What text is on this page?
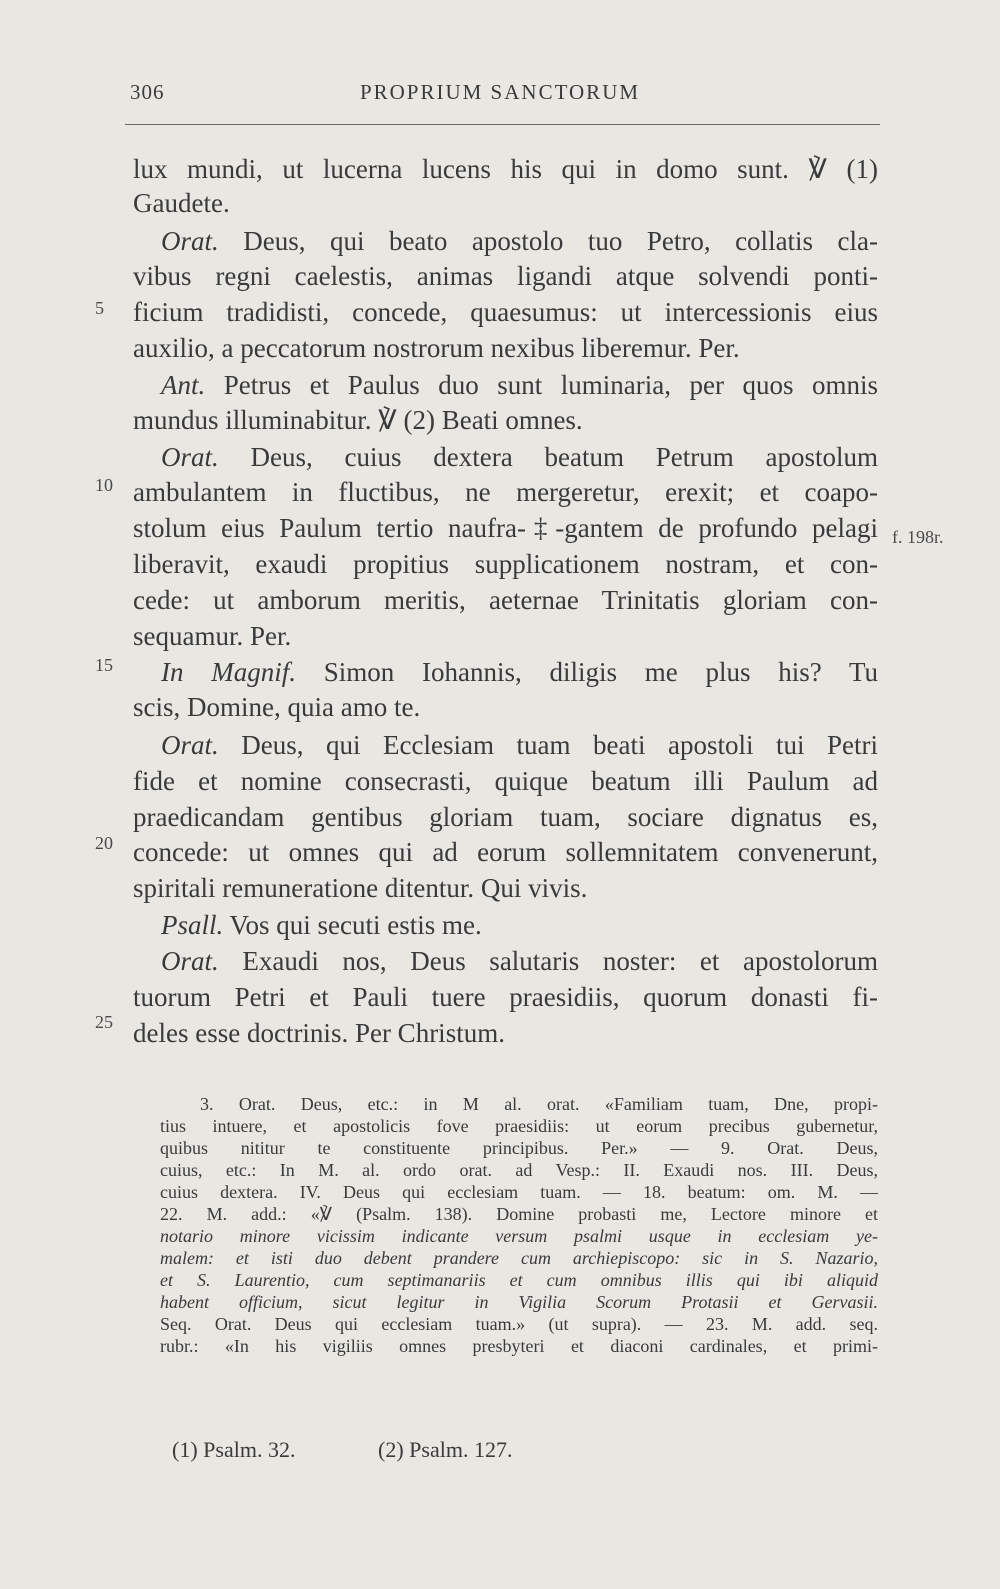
306	PROPRIUM SANCTORUM
5
10
15
20
25
f. 198r.
lux mundi, ut lucerna lucens his qui in domo sunt. ℣ (1)
Gaudete.
Orat. Deus, qui beato apostolo tuo Petro, collatis cla-
vibus regni caelestis, animas ligandi atque solvendi ponti-
ficium tradidisti, concede, quaesumus: ut intercessionis eius
auxilio, a peccatorum nostrorum nexibus liberemur. Per.
Ant. Petrus et Paulus duo sunt luminaria, per quos omnis
mundus illuminabitur. ℣ (2) Beati omnes.
Orat. Deus, cuius dextera beatum Petrum apostolum
ambulantem in fluctibus, ne mergeretur, erexit; et coapo-
stolum eius Paulum tertio naufra-‡-gantem de profundo pelagi
liberavit, exaudi propitius supplicationem nostram, et con-
cede: ut amborum meritis, aeternae Trinitatis gloriam con-
sequamur. Per.
In Magnif. Simon Iohannis, diligis me plus his? Tu
scis, Domine, quia amo te.
Orat. Deus, qui Ecclesiam tuam beati apostoli tui Petri
fide et nomine consecrasti, quique beatum illi Paulum ad
praedicandam gentibus gloriam tuam, sociare dignatus es,
concede: ut omnes qui ad eorum sollemnitatem convenerunt,
spiritali remuneratione ditentur. Qui vivis.
Psall. Vos qui secuti estis me.
Orat. Exaudi nos, Deus salutaris noster: et apostolorum
tuorum Petri et Pauli tuere praesidiis, quorum donasti fi-
deles esse doctrinis. Per Christum.
3. Orat. Deus, etc.: in M al. orat. «Familiam tuam, Dne, propi-
tius intuere, et apostolicis fove praesidiis: ut eorum precibus gubernetur,
quibus nititur te constituente principibus. Per.» — 9. Orat. Deus,
cuius, etc.: In M. al. ordo orat. ad Vesp.: II. Exaudi nos. III. Deus,
cuius dextera. IV. Deus qui ecclesiam tuam. — 18. beatum: om. M. —
22. M. add.: «℣ (Psalm. 138). Domine probasti me, Lectore minore et
notario minore vicissim indicante versum psalmi usque in ecclesiam ye-
malem: et isti duo debent prandere cum archiepiscopo: sic in S. Nazario,
et S. Laurentio, cum septimanariis et cum omnibus illis qui ibi aliquid
habent officium, sicut legitur in Vigilia Scorum Protasii et Gervasii.
Seq. Orat. Deus qui ecclesiam tuam.» (ut supra). — 23. M. add. seq.
rubr.: «In his vigiliis omnes presbyteri et diaconi cardinales, et primi-
(1) Psalm. 32.	(2) Psalm. 127.
